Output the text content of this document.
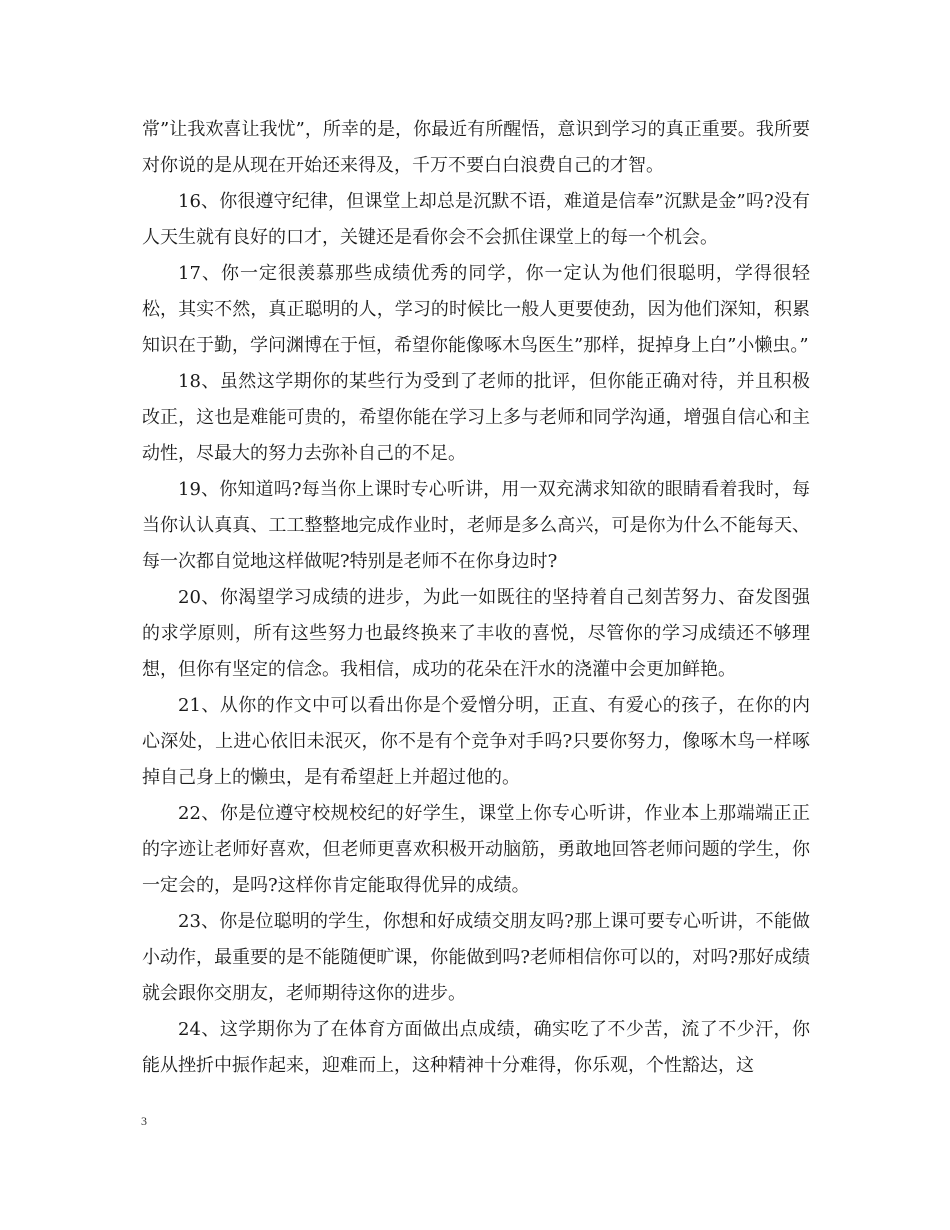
常”让我欢喜让我忧”，所幸的是，你最近有所醒悟，意识到学习的真正重要。我所要对你说的是从现在开始还来得及，千万不要白白浪费自己的才智。

16、你很遵守纪律，但课堂上却总是沉默不语，难道是信奉”沉默是金”吗?没有人天生就有良好的口才，关键还是看你会不会抓住课堂上的每一个机会。

17、你一定很羡慕那些成绩优秀的同学，你一定认为他们很聪明，学得很轻松，其实不然，真正聪明的人，学习的时候比一般人更要使劲，因为他们深知，积累知识在于勤，学问渊博在于恒，希望你能像啄木鸟医生”那样，捉掉身上白”小懒虫。”

18、虽然这学期你的某些行为受到了老师的批评，但你能正确对待，并且积极改正，这也是难能可贵的，希望你能在学习上多与老师和同学沟通，增强自信心和主动性，尽最大的努力去弥补自己的不足。

19、你知道吗?每当你上课时专心听讲，用一双充满求知欲的眼睛看着我时，每当你认认真真、工工整整地完成作业时，老师是多么高兴，可是你为什么不能每天、每一次都自觉地这样做呢?特别是老师不在你身边时?

20、你渴望学习成绩的进步，为此一如既往的坚持着自己刻苦努力、奋发图强的求学原则，所有这些努力也最终换来了丰收的喜悦，尽管你的学习成绩还不够理想，但你有坚定的信念。我相信，成功的花朵在汗水的浇灌中会更加鲜艳。

21、从你的作文中可以看出你是个爱憎分明，正直、有爱心的孩子，在你的内心深处，上进心依旧未泯灭，你不是有个竞争对手吗?只要你努力，像啄木鸟一样啄掉自己身上的懒虫，是有希望赶上并超过他的。

22、你是位遵守校规校纪的好学生，课堂上你专心听讲，作业本上那端端正正的字迹让老师好喜欢，但老师更喜欢积极开动脑筋，勇敢地回答老师问题的学生，你一定会的，是吗?这样你肯定能取得优异的成绩。

23、你是位聪明的学生，你想和好成绩交朋友吗?那上课可要专心听讲，不能做小动作，最重要的是不能随便旷课，你能做到吗?老师相信你可以的，对吗?那好成绩就会跟你交朋友，老师期待这你的进步。

24、这学期你为了在体育方面做出点成绩，确实吃了不少苦，流了不少汗，你能从挫折中振作起来，迎难而上，这种精神十分难得，你乐观，个性豁达，这

3
